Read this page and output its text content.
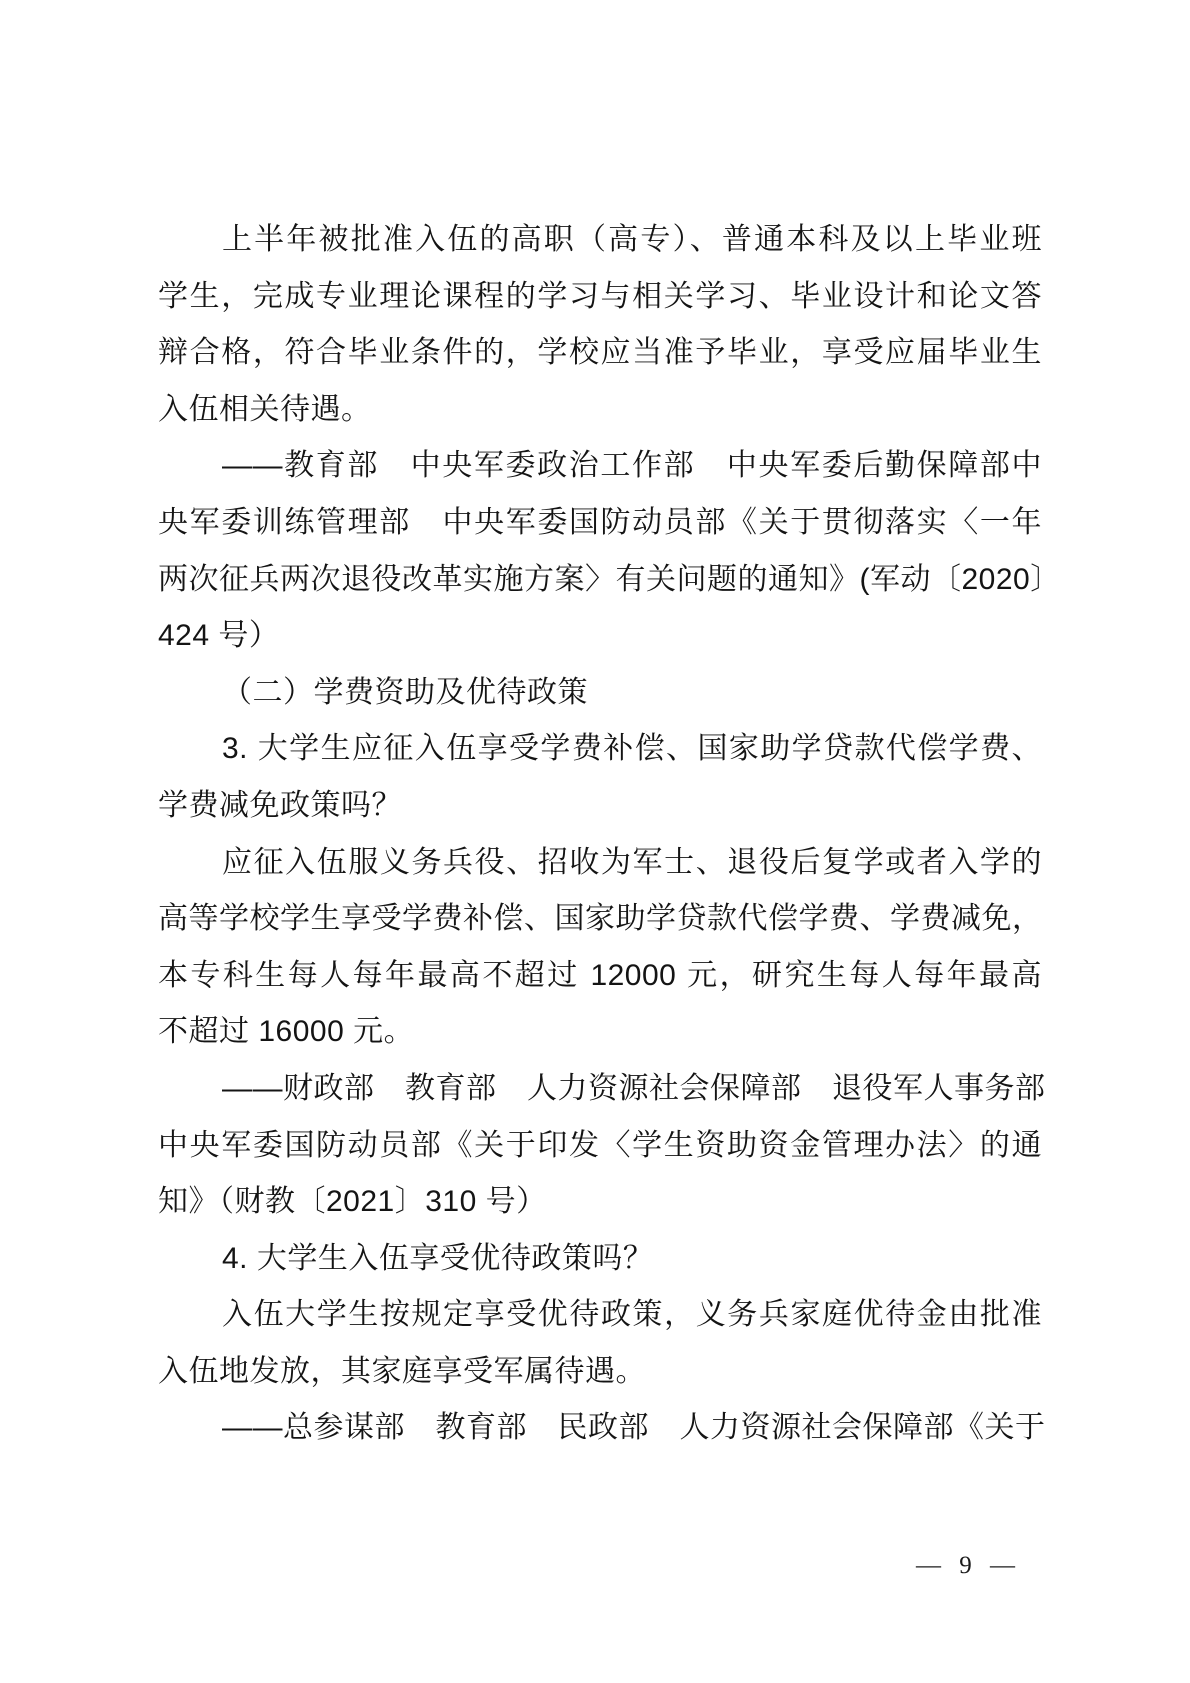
上半年被批准入伍的高职（高专）、普通本科及以上毕业班
学生，完成专业理论课程的学习与相关学习、毕业设计和论文答
辩合格，符合毕业条件的，学校应当准予毕业，享受应届毕业生
入伍相关待遇。
——教育部　中央军委政治工作部　中央军委后勤保障部中
央军委训练管理部　中央军委国防动员部《关于贯彻落实〈一年
两次征兵两次退役改革实施方案〉有关问题的通知》(军动〔2020〕
424 号）
（二）学费资助及优待政策
3. 大学生应征入伍享受学费补偿、国家助学贷款代偿学费、
学费减免政策吗？
应征入伍服义务兵役、招收为军士、退役后复学或者入学的
高等学校学生享受学费补偿、国家助学贷款代偿学费、学费减免，
本专科生每人每年最高不超过 12000 元，研究生每人每年最高
不超过 16000 元。
——财政部　教育部　人力资源社会保障部　退役军人事务部
中央军委国防动员部《关于印发〈学生资助资金管理办法〉的通
知》（财教〔2021〕310 号）
4. 大学生入伍享受优待政策吗？
入伍大学生按规定享受优待政策，义务兵家庭优待金由批准
入伍地发放，其家庭享受军属待遇。
——总参谋部　教育部　民政部　人力资源社会保障部《关于
— 9 —
